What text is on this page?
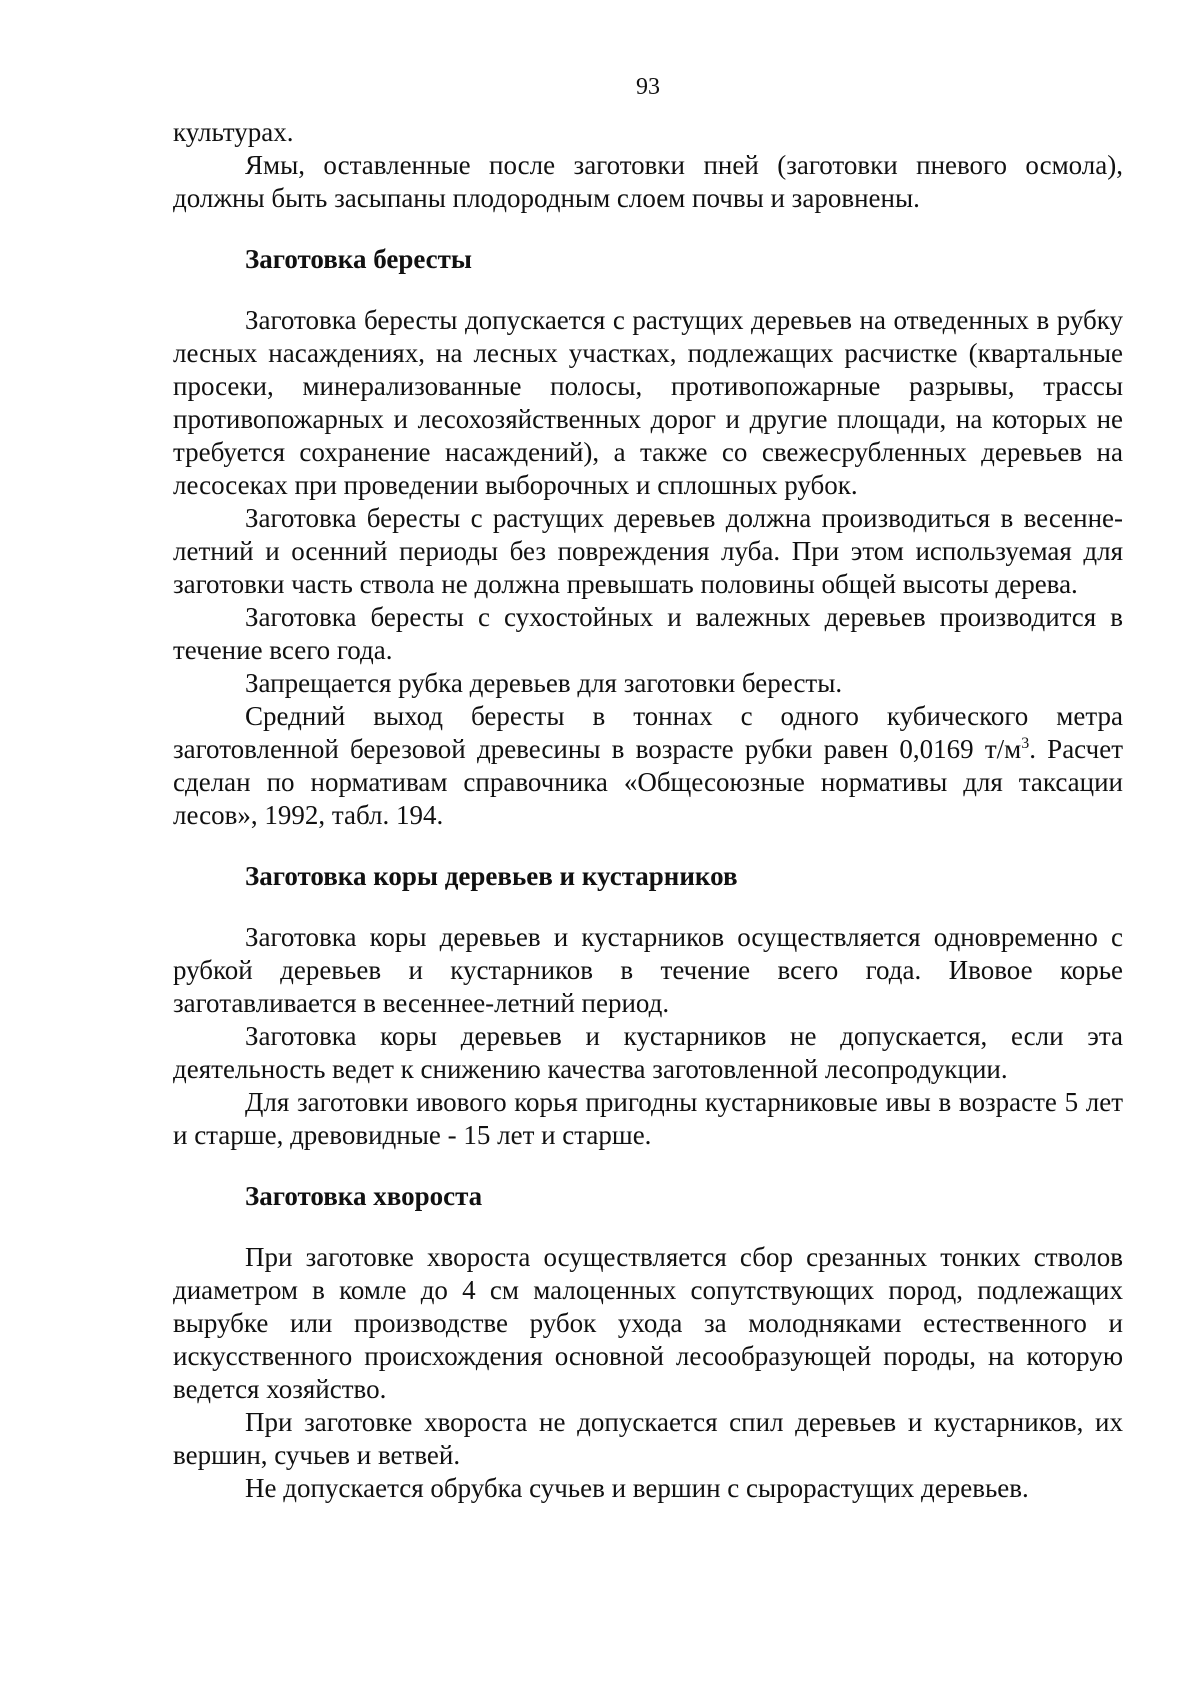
93

культурах.

Ямы, оставленные после заготовки пней (заготовки пневого осмола), должны быть засыпаны плодородным слоем почвы и заровнены.

Заготовка бересты

Заготовка бересты допускается с растущих деревьев на отведенных в рубку лесных насаждениях, на лесных участках, подлежащих расчистке (квартальные просеки, минерализованные полосы, противопожарные разрывы, трассы противопожарных и лесохозяйственных дорог и другие площади, на которых не требуется сохранение насаждений), а также со свежесрубленных деревьев на лесосеках при проведении выборочных и сплошных рубок.

Заготовка бересты с растущих деревьев должна производиться в весенне-летний и осенний периоды без повреждения луба. При этом используемая для заготовки часть ствола не должна превышать половины общей высоты дерева.

Заготовка бересты с сухостойных и валежных деревьев производится в течение всего года.

Запрещается рубка деревьев для заготовки бересты.

Средний выход бересты в тоннах с одного кубического метра заготовленной березовой древесины в возрасте рубки равен 0,0169 $т/м^3$. Расчет сделан по нормативам справочника «Общесоюзные нормативы для таксации лесов», 1992, табл. 194.

Заготовка коры деревьев и кустарников

Заготовка коры деревьев и кустарников осуществляется одновременно с рубкой деревьев и кустарников в течение всего года. Ивовое корье заготавливается в весеннее-летний период.

Заготовка коры деревьев и кустарников не допускается, если эта деятельность ведет к снижению качества заготовленной лесопродукции.

Для заготовки ивового корья пригодны кустарниковые ивы в возрасте 5 лет и старше, древовидные - 15 лет и старше.

Заготовка хвороста

При заготовке хвороста осуществляется сбор срезанных тонких стволов диаметром в комле до 4 см малоценных сопутствующих пород, подлежащих вырубке или производстве рубок ухода за молодняками естественного и искусственного происхождения основной лесообразующей породы, на которую ведется хозяйство.

При заготовке хвороста не допускается спил деревьев и кустарников, их вершин, сучьев и ветвей.

Не допускается обрубка сучьев и вершин с сырорастущих деревьев.
